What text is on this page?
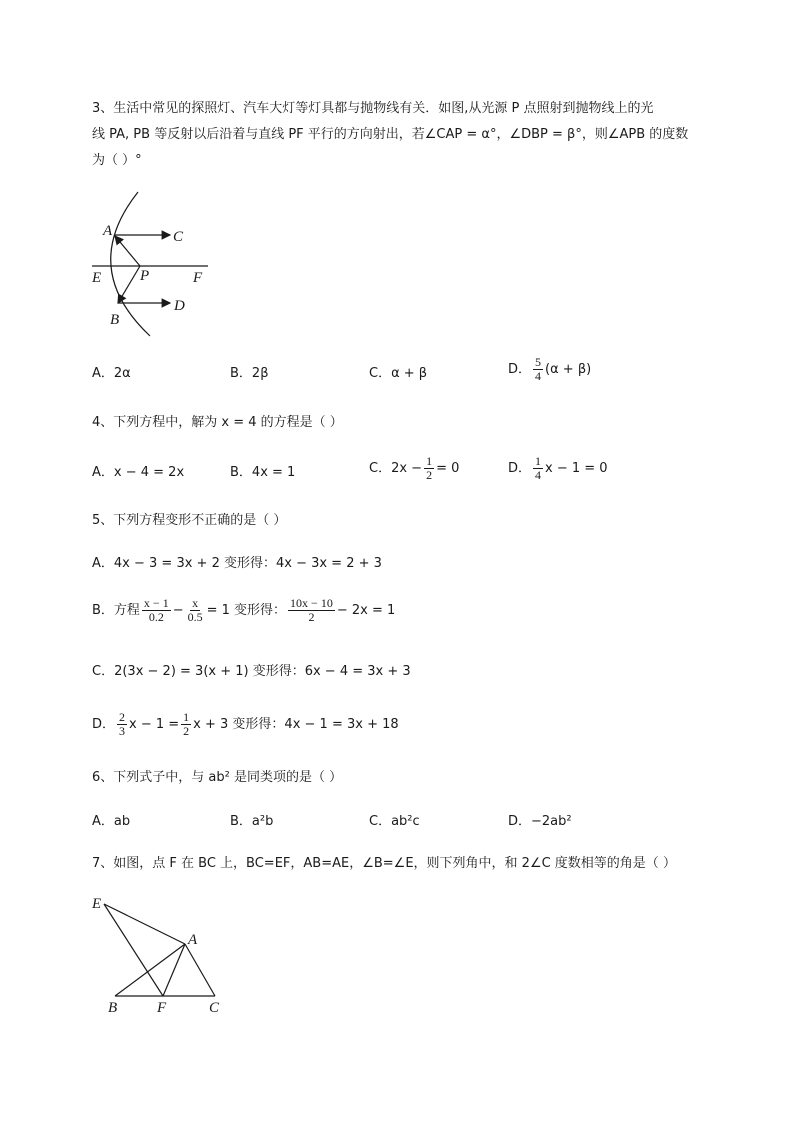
3、生活中常见的探照灯、汽车大灯等灯具都与抛物线有关．如图,从光源 P 点照射到抛物线上的光
线 PA, PB 等反射以后沿着与直线 PF 平行的方向射出，若∠CAP = α°，∠DBP = β°，则∠APB 的度数
为（ ）°
A	C
E	P	F
B
D
A．2α	B．2β	C．α + β	D． $\frac{5}{4} (\alpha + \beta)$
4、下列方程中，解为 x = 4 的方程是（ ）
A．x − 4 = 2x	B．4x = 1	C．$2x - \frac{1}{2} = 0$	D． $\frac{1}{4}$ x − 1 = 0
5、下列方程变形不正确的是（ ）
A．4x − 3 = 3x + 2 变形得：4x − 3x = 2 + 3
B．方程 $\frac{x - 1}{0.2} - \frac{x}{0.5} = 1$ 变形得： $\frac{10x - 10}{2} - 2x = 1$
C．2(3x − 2) = 3(x + 1) 变形得：6x − 4 = 3x + 3
D． $\frac{2}{3}$ $x - 1 = \frac{1}{2}$ x + 3 变形得：4x − 1 = 3x + 18
6、下列式子中，与 ab² 是同类项的是（ ）
A．ab	B．a²b	C．ab²c	D．−2ab²
7、如图，点 F 在 BC 上，BC=EF，AB=AE，∠B=∠E，则下列角中，和 2∠C 度数相等的角是（ ）
E
A
B	F	C
